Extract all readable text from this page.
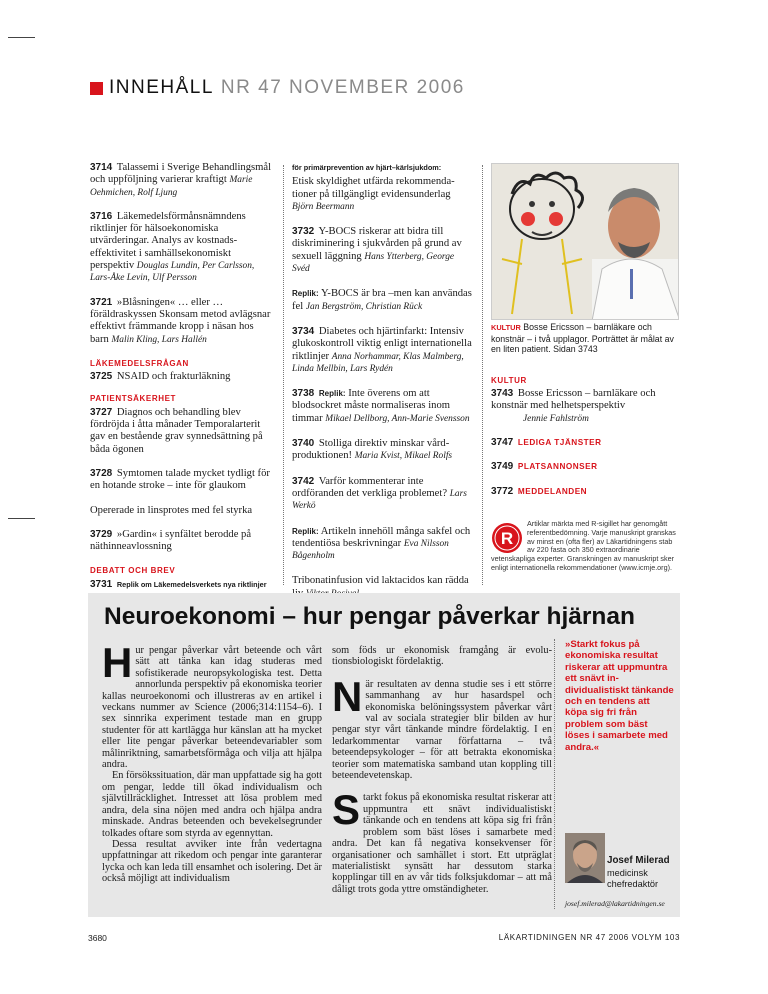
INNEHÅLL NR 47 NOVEMBER 2006
3714 Talassemi i Sverige Behandlingsmål och uppföljning varierar kraftigt Marie Oehmichen, Rolf Ljung
3716 Läkemedelsförmånsnämndens riktlinjer för hälsoekonomiska utvärderingar. Analys av kostnadseffektivitet i samhällsekonomiskt perspektiv Douglas Lundin, Per Carlsson, Lars-Åke Levin, Ulf Persson
3721 »Blåsningen« … eller … föräldraskyssen Skonsam metod avlägsnar effektivt främmande kropp i näsan hos barn Malin Kling, Lars Hallén
LÄKEMEDELSFRÅGAN
3725 NSAID och frakturläkning
PATIENTSÄKERHET
3727 Diagnos och behandling blev fördröjda i åtta månader Temporalarterit gav en bestående grav synnedsättning på båda ögonen
3728 Symtomen talade mycket tydligt för en hotande stroke – inte för glaukom
Opererade in linsprotes med fel styrka
3729 »Gardin« i synfältet berodde på näthinneavlossning
DEBATT OCH BREV
3731 Replik om Läkemedelsverkets nya riktlinjer
för primärprevention av hjärt–kärlsjukdom:
Etisk skyldighet utfärda rekommendationer på tillgängligt evidensunderlag Björn Beermann
3732 Y-BOCS riskerar att bidra till diskriminering i sjukvården på grund av sexuell läggning Hans Ytterberg, George Svéd
Replik: Y-BOCS är bra –men kan användas fel Jan Bergström, Christian Rück
3734 Diabetes och hjärtinfarkt: Intensiv glukoskontroll viktig enligt internationella riktlinjer Anna Norhammar, Klas Malmberg, Linda Mellbin, Lars Rydén
3738 Replik: Inte överens om att blodsockret måste normaliseras inom timmar Mikael Dellborg, Ann-Marie Svensson
3740 Stolliga direktiv minskar vårdproduktionen! Maria Kvist, Mikael Rolfs
3742 Varför kommenterar inte ordföranden det verkliga problemet? Lars Werkö
Replik: Artikeln innehöll många sakfel och tendentiösa beskrivningar Eva Nilsson Bågenholm
Tribonatinfusion vid laktacidos kan rädda
KULTUR Bosse Ericsson – barnläkare och konstnär – i två upplagor. Porträttet är målat av en liten patient. Sidan 3743
KULTUR
3743 Bosse Ericsson – barnläkare och konstnär med helhetsperspektiv
Jennie Fahlström
3747 LEDIGA TJÄNSTER
3749 PLATSANNONSER
3772 MEDDELANDEN
R
Artiklar märkta med R-sigillet har genomgått referentbedömning. Varje manuskript granskas av minst en (ofta fler) av Läkartidningens stab av 220 fasta och 350 extraordinarie vetenskapliga experter. Granskningen av manuskript sker enligt internationella rekommendationer (www.icmje.org).
Neuroekonomi – hur pengar påverkar hjärnan

Hur pengar påverkar vårt beteende och vårt sätt att tänka kan idag studeras med sofistikerade neuropsykologiska test. Detta annorlunda perspektiv på ekonomiska teorier kallas neuroekonomi och illustreras av en artikel i veckans nummer av Science (2006;314:1154–6). I sex sinnrika experiment testade man en grupp studenter för att kartlägga hur känslan att ha mycket eller lite pengar påverkar beteendevariabler som målinriktning, samarbetsförmåga och vilja att hjälpa andra.

En försökssituation, där man uppfattade sig ha gott om pengar, ledde till ökad individualism och självtillräcklighet. Intresset att lösa problem med andra, dela sina nöjen med andra och hjälpa andra minskade. Andras beteenden och bevekelsegrunder tolkades oftare som styrda av egennyttan.

Dessa resultat avviker inte från vedertagna uppfattningar att rikedom och pengar inte garanterar lycka och kan leda till ensamhet och isolering. Det är också möjligt att individualism

som föds ur ekonomisk framgång är evolutionsbiologiskt fördelaktig.

När resultaten av denna studie ses i ett större sammanhang av hur hasardspel och ekonomiska belöningssystem påverkar vårt val av sociala strategier blir bilden av hur pengar styr vårt tänkande mindre fördelaktig. I en ledarkommentar varnar författarna – två beteendepsykologer – för att betrakta ekonomiska teorier som matematiska samband utan koppling till beteendevetenskap.

Starkt fokus på ekonomiska resultat riskerar att uppmuntra ett snävt individualistiskt tänkande och en tendens att köpa sig fri från problem som bäst löses i samarbete med andra. Det kan få negativa konsekvenser för organisationer och samhället i stort. Ett utpräglat materialistiskt synsätt har dessutom starka kopplingar till en av vår tids folksjukdomar – att må dåligt trots goda yttre omständigheter.

»Starkt fokus på ekonomiska resultat riskerar att uppmuntra ett snävt individualistiskt tänkande och en tendens att köpa sig fri från problem som bäst löses i samarbete med andra.«
Josef Milerad
medicinsk chefredaktör
josef.milerad@lakartidningen.se
3680	LÄKARTIDNINGEN NR 47 2006 VOLYM 103
